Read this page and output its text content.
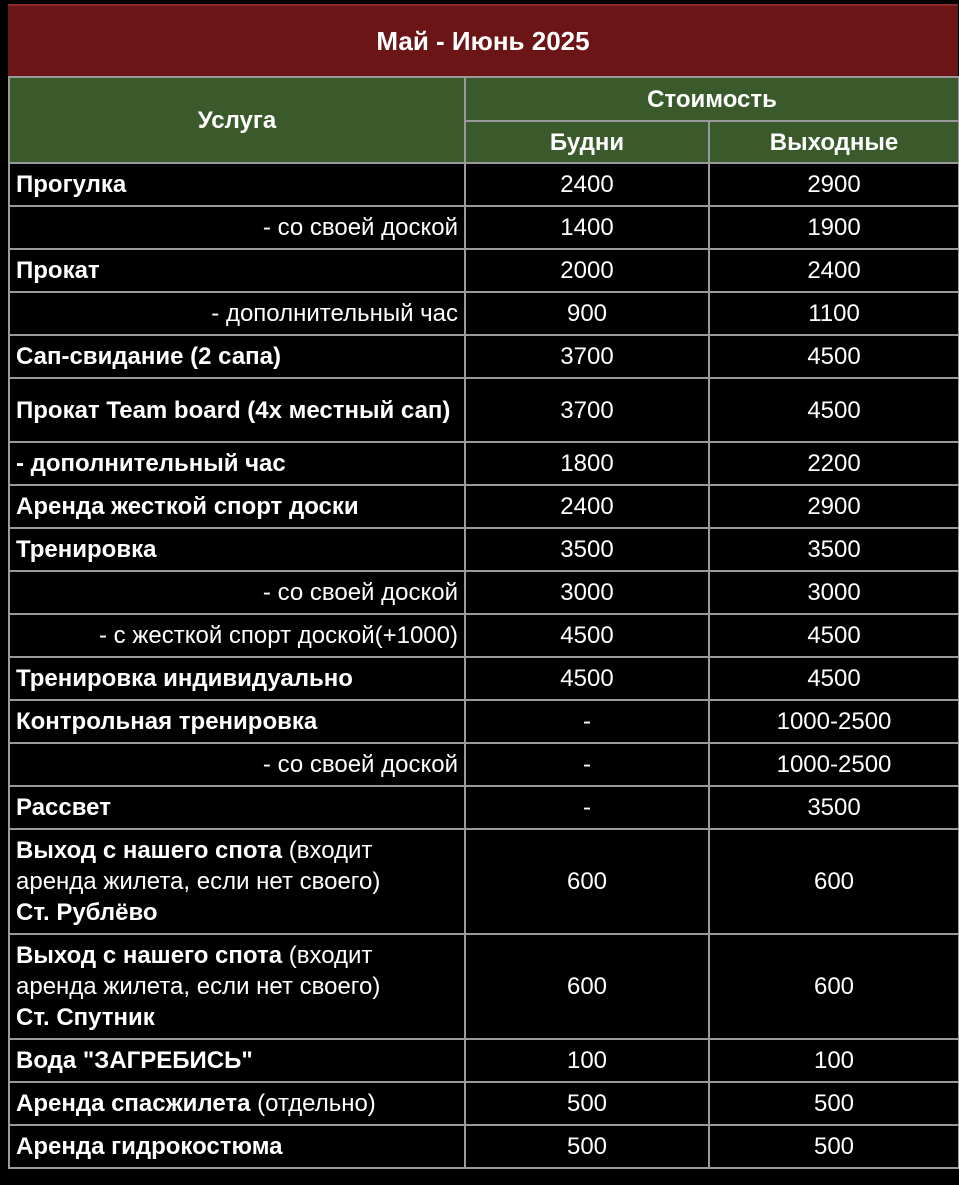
Май - Июнь 2025
Услуга	Стоимость	
	Будни	Выходные
Прогулка	2400	2900
- со своей доской	1400	1900
Прокат	2000	2400
- дополнительный час	900	1100
Сап-свидание (2 сапа)	3700	4500
Прокат Team board (4х местный сап)	3700	4500
- дополнительный час	1800	2200
Аренда жесткой спорт доски	2400	2900
Тренировка	3500	3500
- со своей доской	3000	3000
- с жесткой спорт доской(+1000)	4500	4500
Тренировка индивидуально	4500	4500
Контрольная тренировка	-	1000-2500
- со своей доской	-	1000-2500
Рассвет	-	3500
Выход с нашего спота (входит аренда жилета, если нет своего)
Ст. Рублёво	600	600
Выход с нашего спота (входит аренда жилета, если нет своего)
Ст. Спутник	600	600
Вода "ЗАГРЕБИСЬ"	100	100
Аренда спасжилета (отдельно)	500	500
Аренда гидрокостюма	500	500
